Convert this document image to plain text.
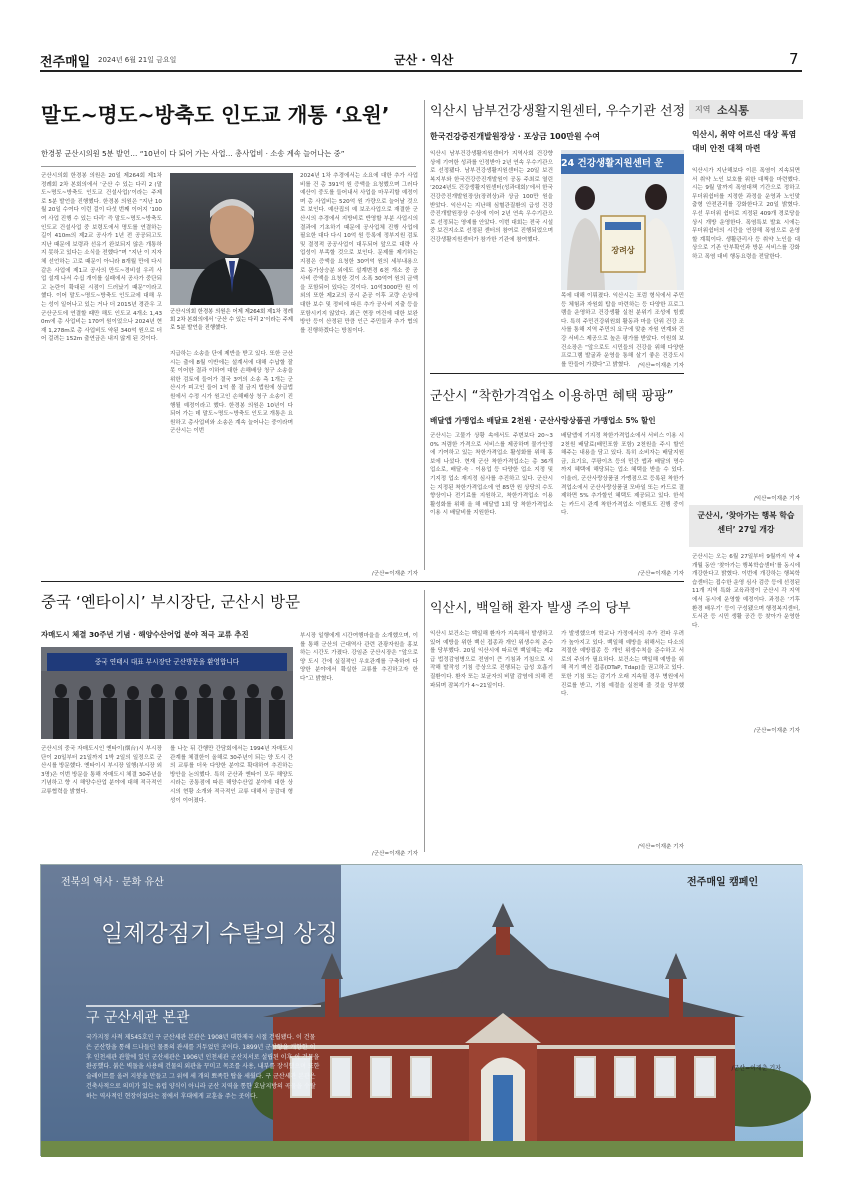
전주매일 2024년 6월 21일 금요일	군산 · 익산	7
말도~명도~방축도 인도교 개통 ‘요원’
한경봉 군산시의원 5분 발언… “10년이 다 되어 가는 사업… 총사업비 · 소송 계속 늘어나는 중”
군산시의회 한경봉 의원은 20일 제264회 제1차 정례회 2차 본회의에서 ‘군산 수 있는 다리 2 (말도~명도~방축도 인도교 건설사업)’이라는 주제로 5분 발언을 진행했다. 한경봉 의원은 “지난 10월 20일 수여다 이런 걸이 다섯 번째 이어지 ‘100여 사업 진행 수 있는 다리’ 즉 말도~명도~방축도 인도교 건설사업 중 보령도에서 명도를 연결하는 길이 410m의 제2교 공사가 1년 전 공공되고도 지난 때문에 보령과 선유기 완보되지 않은 개통하지 못하고 있다는 소식을 전했다”며 “지난 이 지자체 선언하는 고로 때문이 아니라 8개월 만에 다시 같은 사업에 제1교 공사의 만도~경비설 우리 사업 설계 나서 수십 개이를 실패에서 공사가 중단되고 논란이 확대된 시점이 드러났기 때문”이라고 했다. 이어 말도~명도~방축도 인도교에 대해 우는 성이 일어나고 있는 거나 더 2015년 경관우 고군산군도에 연결할 때만 해도 인도교 4개소 1,430m에 총 사업비는 170여 원이었으나 2024년 현재 1,278m로 총 사업비도 약된 340억 원으로 더어 걸려는 152m 출연금은 내지 않게 된 것이다.
군산시의회 한경봉 의원은 어제 제264회 제1차 정례회 2차 본회의에서 ‘군산 수 있는 다리 2’이라는 주제로 5분 발언을 진행했다.
지급하는 소송을 단에 제반을 받고 있다. 또한 군산시는 출에 8월 이반에는 설계서에 대해 수납할 잘 못 이어한 결과 이하여 대한 손해배상 청구 소송을 위한 검토에 들어가 결국 3여의 소송 측 1개는 군산시가 피고인 들어 1억 볼 결 금지 법원에 상급법원에서 수정 시가 원고인 손해배상 청구 소송이 진행될 예정이라고 했다. 한경봉 의원은 10년이 다 되어 가는 데 말도~명도~방축도 인도교 개통은 요원하고 총사업비와 소송은 계속 늘어나는 중이라며 군산시는 이번
2024년 1차 추경에서는 소요에 대한 추가 사업비를 건 총 391억 원 증액을 요청했으며 그러다 예산이 중도를 들어내서 사업을 마무리할 예정이며 총 사업비는 520억 원 가량으로 늘어날 것으로 보인다. 예산집의 예 보조사업으로 재결한 군산시의 추경에서 지방비로 반영할 부분 사업시의 결과에 기초하기 때문에 공사업체 진행 사업에 필요한 대다 다시 10억 원 등록에 정부지원 검토 및 결정적 공공사업이 대두되어 앞으로 대략 사업성이 부족할 것으로 보인다. 문제를 제기하는 지점은 증액을 요청한 30여억 원의 세부내용으로 동가상승분 외에도 설계변경 6천 개소 중 공사비 증액을 요청한 것이 소폭 30억여 원의 금액을 포함되어 있다는 것이다. 10억3000만 원 이외의 또한 제2교의 공시 준공 이후 교량 손상에 대한 보수 및 정비에 따른 추가 공사비 지출 등을 포함시키지 않았다. 최근 현장 여건에 대한 보완 방안 등이 산정된 만큼 인근 주민들과 추가 협의를 진행하겠다는 방침이다.
/군산=이재춘 기자
익산시 남부건강생활지원센터, 우수기관 선정
한국건강증진개발원장상 · 포상금 100만원 수여
익산시 남부건강생활지원센터가 지역사회 건강향상에 기여한 성과를 인정받아 2년 연속 우수기관으로 선정됐다. 남부건강생활지원센터는 20일 보건복지부와 한국건강증진개발원이 공동 주최로 열린 ‘2024년도 건강생활지원센터(성과대회)’에서 한국건강증진개발원장상(장려상)과 상금 100만 원을 받았다. 익산시는 지난해 심혈관질환의 급성 건강증진개발원장상 수상에 이어 2년 연속 우수기관으로 선정되는 영예를 안았다. 이번 대회는 전국 시설 중 보건지소로 선정된 센터의 참여로 진행되었으며 건강생활지원센터가 참가한 기관에 참여했다.
24 건강생활지원센터 운
장려상
목에 대해 이뤄졌다. 익산시는 포럼 형식에서 주민 등 체험과 자원회 탑을 마련하는 등 다양한 프로그램을 운영하고 건강생활 실천 분위기 조성에 힘썼다. 특히 주민건강위원회 활동과 마을 단위 건강 조사를 통해 지역 주민의 요구에 맞춘 자원 연계와 건강 서비스 제공으로 높은 평가를 받았다. 이원희 보건소장은 “앞으로도 시민들의 건강을 위해 다양한 프로그램 발굴과 운영을 통해 살기 좋은 건강도시를 만들어 가겠다”고 밝혔다.	/익산=이재춘 기자
군산시 “착한가격업소 이용하면 혜택 팡팡”
배달앱 가맹업소 배달료 2천원 · 군산사랑상품권 가맹업소 5% 할인
군산시는 고물가 상황 속에서도 주변보다 20~30% 저렴한 가격으로 서비스를 제공하며 물가안정에 기여하고 있는 착한가격업소 활성화를 위해 홍보에 나섰다. 현재 군산 착한가격업소는 총 36개 업소로, 배달·숙 · 이용업 등 다양한 업소 지정 및 기지정 업소 재지정 심사를 추진하고 있다. 군산시는 지정된 착한가격업소에 연 85만 원 상당의 수도 향상이나 전기료를 지원하고, 착한가격업소 이용 활성화를 위해 올 해 배달앱 1회 당 착한가격업소 이용 시 배달비를 지원한다.
배달앱에 기지정 착한가격업소에서 서비스 이용 시 2천원 배달료(배민포함 포함) 2천원을 주시 할인해주는 내용을 담고 있다. 특히 소비자는 배달지원금, 요기요, 쿠팡이츠 등의 민간 앱과 배달의 명수까지 혜택에 해당되는 업소 혜택을 받을 수 있다. 이울러, 군산사랑상품권 가맹점으로 등록된 착한가격업소에서 군산사랑상품권 모바일 또는 카드로 결제하면 5% 추가할인 혜택도 제공되고 있다. 한석는 카드시 관계 착한가격업소 이벤트도 진행 중이다.
/군산=이재춘 기자
중국 ‘옌타이시’ 부시장단, 군산시 방문
자매도시 체결 30주년 기념 · 해양수산어업 분야 적극 교류 추진
중국 연태시 대표 부시장단 군산방문을 환영합니다
군산시의 중국 자매도시인 옌타이(烟台)시 부시장단이 20일부터 21일까지 1박 2일의 일정으로 군산시를 방문했다. 옌타이시 부시장 일행(부시장 외 3명)은 이번 방문을 통해 자매도시 체결 30주년을 기념하고 향 시 해양수산업 분야에 대해 적극적인 교류협력을 밝혔다.
를 나눈 뒤 간행만 간담회에서는 1994년 자매도시 관계를 체결한이 올해로 30주년이 되는 양 도시 간의 교류를 더욱 다양한 분야로 확대하여 추진하는 방안을 논의했다. 특히 군산과 옌타이 모두 해양도시라는 공통점에 따른 해양수산업 분야에 대한 상 시의 현황 소개와 적극적인 교류 대해서 공감대 형성이 이어졌다.
부시장 일행에게 시간여행마을을 소개했으며, 이를 통해 군산의 근대역사 관련 관광자원을 홍보하는 시간도 가졌다. 강임준 군산시장은 “앞으로 양 도시 간에 실질적인 우호관계를 구축하여 다양한 분야에서 확실한 교류를 추진하고자 한다”고 밝혔다.
/군산=이재춘 기자
익산시, 백일해 환자 발생 주의 당부
익산시 보건소는 백일해 환자가 지속해서 발생하고 있어 예방을 위한 백신 접종과 개인 위생수칙 준수를 당부했다. 20일 익산시에 따르면 백일해는 제2급 법정감염병으로 전염이 큰 기침과 기침으로 시작해 발작성 기침 증상으로 진행되는 급성 호흡기질환이다. 환자 또는 보균자의 비말 감염에 의해 전파되며 잠복기가 4~21일이다.
가 발생했으며 학교나 가정에서의 추가 전파 우려가 높아지고 있다. 백일해 예방을 위해서는 다소의 적절한 예방접종 등 개인 위생수칙을 준수하고 서로의 주의가 필요하다. 보건소는 백일해 예방을 위해 적기 백신 접종(DTaP, Tdap)을 권고하고 있다. 또한 기침 또는 감기가 오래 지속될 경우 병원에서 진료를 받고, 기침 예절을 실천해 줄 것을 당부했다.
/익산=이재춘 기자
지역 소식통
익산시, 취약 어르신 대상 폭염 대비 안전 대책 마련
익산시가 지난해보다 이른 폭염이 지속되면서 취약 노인 보호를 위한 대책을 마련했다. 시는 9월 말까지 폭염대책 기간으로 정하고 무더위쉼터를 지정한 과정을 운영과 노인맞춤형 안전관리를 강화한다고 20일 밝혔다. 우선 무더위 쉼터로 지정된 409개 경로당을 상시 개방 운영한다. 폭염특보 발효 시에는 무더위쉼터의 시간을 연장해 폭염으로 운영할 계획이다. 생활관리사 등 취약 노인을 대상으로 기존 안부확인과 방문 서비스를 강화하고 폭염 대비 행동요령을 전달한다.
/익산=이재춘 기자
군산시, ‘찾아가는 행복 학습센터’ 27일 개강
군산시는 오는 6월 27일부터 9월까지 약 4개월 동안 ‘찾아가는 행복학습센터’를 동시에 개강한다고 밝혔다. 이번에 개강하는 행복학습센터는 접수한 운영 심사 검증 등에 선정된 11개 지역 특화 교육과정이 군산시 각 지역에서 동시에 운영할 예정이다. 과정은 ‘기후환경 배우기’ 등이 구성됐으며 행정복지센터, 도서관 등 시민 생활 공간 등 찾아가 운영한다.
/군산=이재춘 기자
전북의 역사 · 문화 유산	전주매일 캠페인
일제강점기 수탈의 상징
구 군산세관 본관
국가지정 사적 제545호인 구 군산세관 본관은 1908년 대한제국 시절 건립됐다. 이 건물은 군산항을 통해 드나들던 물품의 관세를 거두었던 곳이다. 1899년 군산항을 개항한 이후 인천세관 관할에 있던 군산세관은 1906년 인천세관 군산지서로 설립된 이후 이 건물을 완공했다. 붉은 벽돌을 사용해 건물의 외관을 꾸미고 목조를 사용, 내부를 장식했으며 또한 슬레이트를 올려 지붕을 만들고 그 위에 세 개의 뾰족한 탑을 세웠다. 구 군산세관 본관은 건축사적으로 의미가 있는 유럽 양식이 아니라 군산 지역을 통한 호남지방의 곡물을 수탈하는 역사적인 현장이었다는 점에서 후대에게 교훈을 주는 곳이다.
/군산=이재춘 기자
